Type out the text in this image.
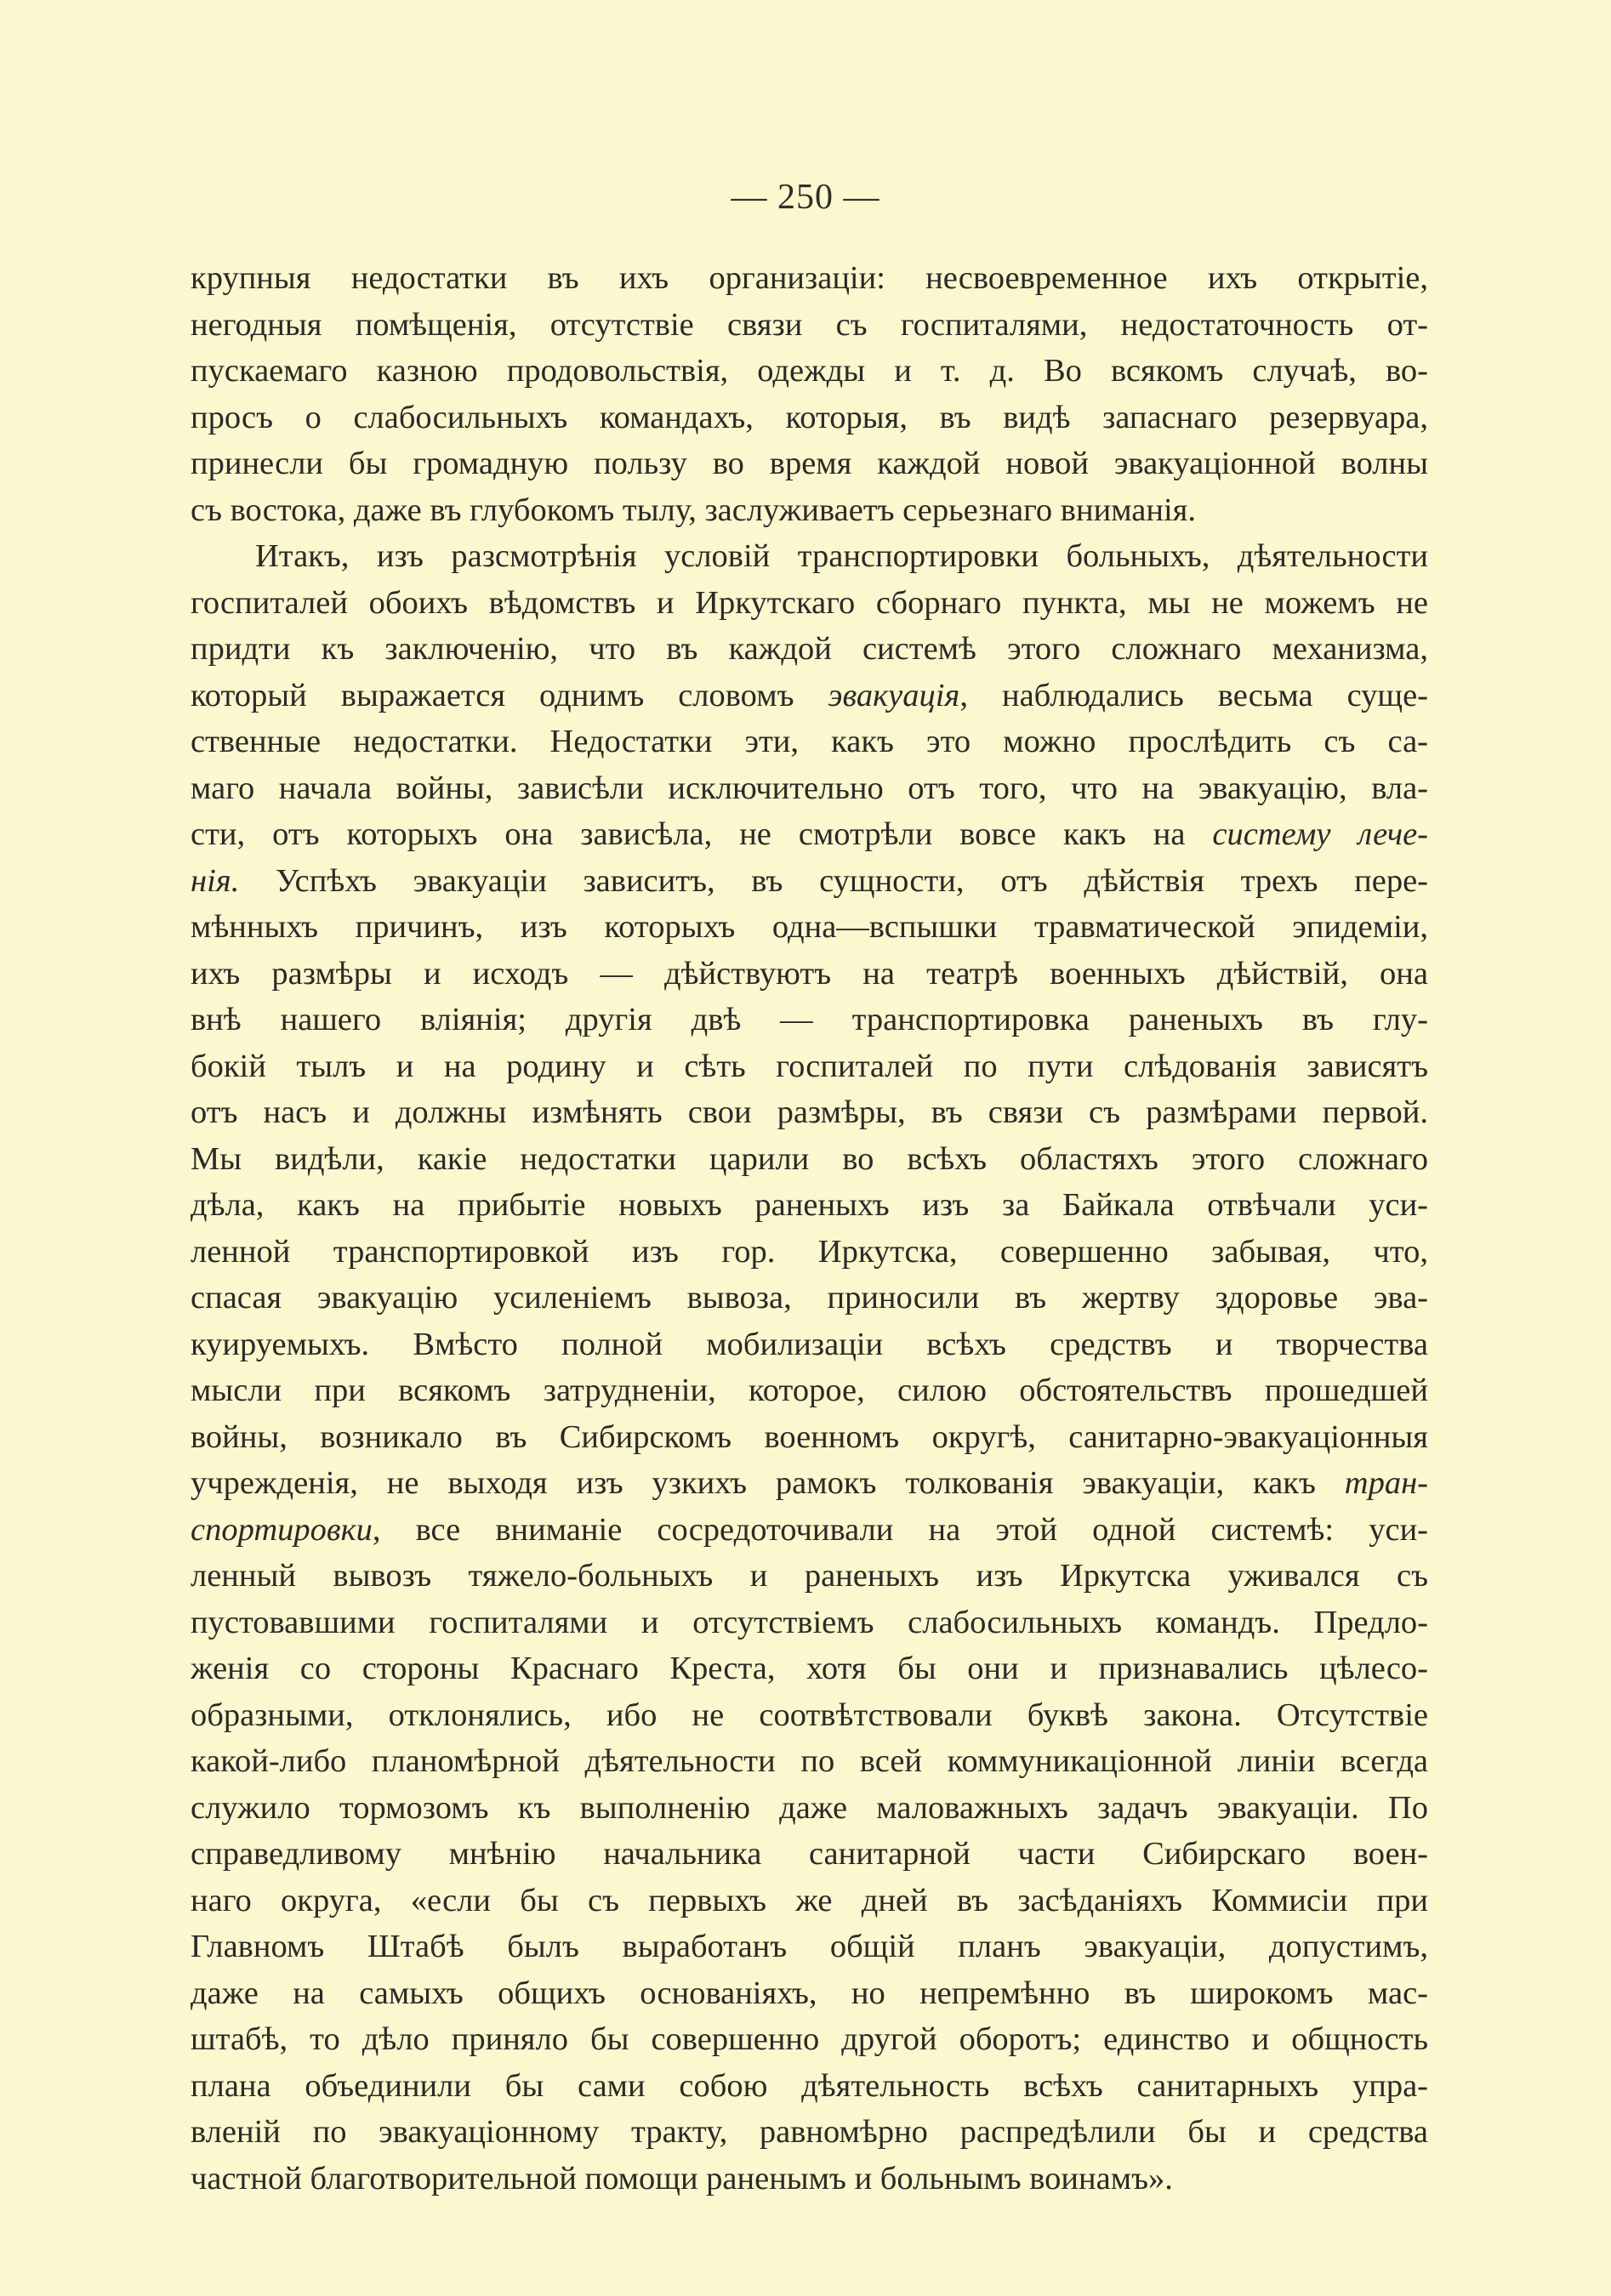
— 250 —
крупныя недостатки въ ихъ организаціи: несвоевременное ихъ открытіе,
негодныя помѣщенія, отсутствіе связи съ госпиталями, недостаточность от-
пускаемаго казною продовольствія, одежды и т. д. Во всякомъ случаѣ, во-
просъ о слабосильныхъ командахъ, которыя, въ видѣ запаснаго резервуара,
принесли бы громадную пользу во время каждой новой эвакуаціонной волны
съ востока, даже въ глубокомъ тылу, заслуживаетъ серьезнаго вниманія.
Итакъ, изъ разсмотрѣнія условій транспортировки больныхъ, дѣятельности
госпиталей обоихъ вѣдомствъ и Иркутскаго сборнаго пункта, мы не можемъ не
придти къ заключенію, что въ каждой системѣ этого сложнаго механизма,
который выражается однимъ словомъ эвакуація, наблюдались весьма суще-
ственные недостатки. Недостатки эти, какъ это можно прослѣдить съ са-
маго начала войны, зависѣли исключительно отъ того, что на эвакуацію, вла-
сти, отъ которыхъ она зависѣла, не смотрѣли вовсе какъ на систему лече-
нія. Успѣхъ эвакуаціи зависитъ, въ сущности, отъ дѣйствія трехъ пере-
мѣнныхъ причинъ, изъ которыхъ одна—вспышки травматической эпидеміи,
ихъ размѣры и исходъ — дѣйствуютъ на театрѣ военныхъ дѣйствій, она
внѣ нашего вліянія; другія двѣ — транспортировка раненыхъ въ глу-
бокій тылъ и на родину и сѣть госпиталей по пути слѣдованія зависятъ
отъ насъ и должны измѣнять свои размѣры, въ связи съ размѣрами первой.
Мы видѣли, какіе недостатки царили во всѣхъ областяхъ этого сложнаго
дѣла, какъ на прибытіе новыхъ раненыхъ изъ за Байкала отвѣчали уси-
ленной транспортировкой изъ гор. Иркутска, совершенно забывая, что,
спасая эвакуацію усиленіемъ вывоза, приносили въ жертву здоровье эва-
куируемыхъ. Вмѣсто полной мобилизаціи всѣхъ средствъ и творчества
мысли при всякомъ затрудненіи, которое, силою обстоятельствъ прошедшей
войны, возникало въ Сибирскомъ военномъ округѣ, санитарно-эвакуаціонныя
учрежденія, не выходя изъ узкихъ рамокъ толкованія эвакуаціи, какъ тран-
спортировки, все вниманіе сосредоточивали на этой одной системѣ: уси-
ленный вывозъ тяжело-больныхъ и раненыхъ изъ Иркутска уживался съ
пустовавшими госпиталями и отсутствіемъ слабосильныхъ командъ. Предло-
женія со стороны Краснаго Креста, хотя бы они и признавались цѣлесо-
образными, отклонялись, ибо не соотвѣтствовали буквѣ закона. Отсутствіе
какой-либо планомѣрной дѣятельности по всей коммуникаціонной линіи всегда
служило тормозомъ къ выполненію даже маловажныхъ задачъ эвакуаціи. По
справедливому мнѣнію начальника санитарной части Сибирскаго воен-
наго округа, «если бы съ первыхъ же дней въ засѣданіяхъ Коммисіи при
Главномъ Штабѣ былъ выработанъ общій планъ эвакуаціи, допустимъ,
даже на самыхъ общихъ основаніяхъ, но непремѣнно въ широкомъ мас-
штабѣ, то дѣло приняло бы совершенно другой оборотъ; единство и общность
плана объединили бы сами собою дѣятельность всѣхъ санитарныхъ упра-
вленій по эвакуаціонному тракту, равномѣрно распредѣлили бы и средства
частной благотворительной помощи раненымъ и больнымъ воинамъ».
